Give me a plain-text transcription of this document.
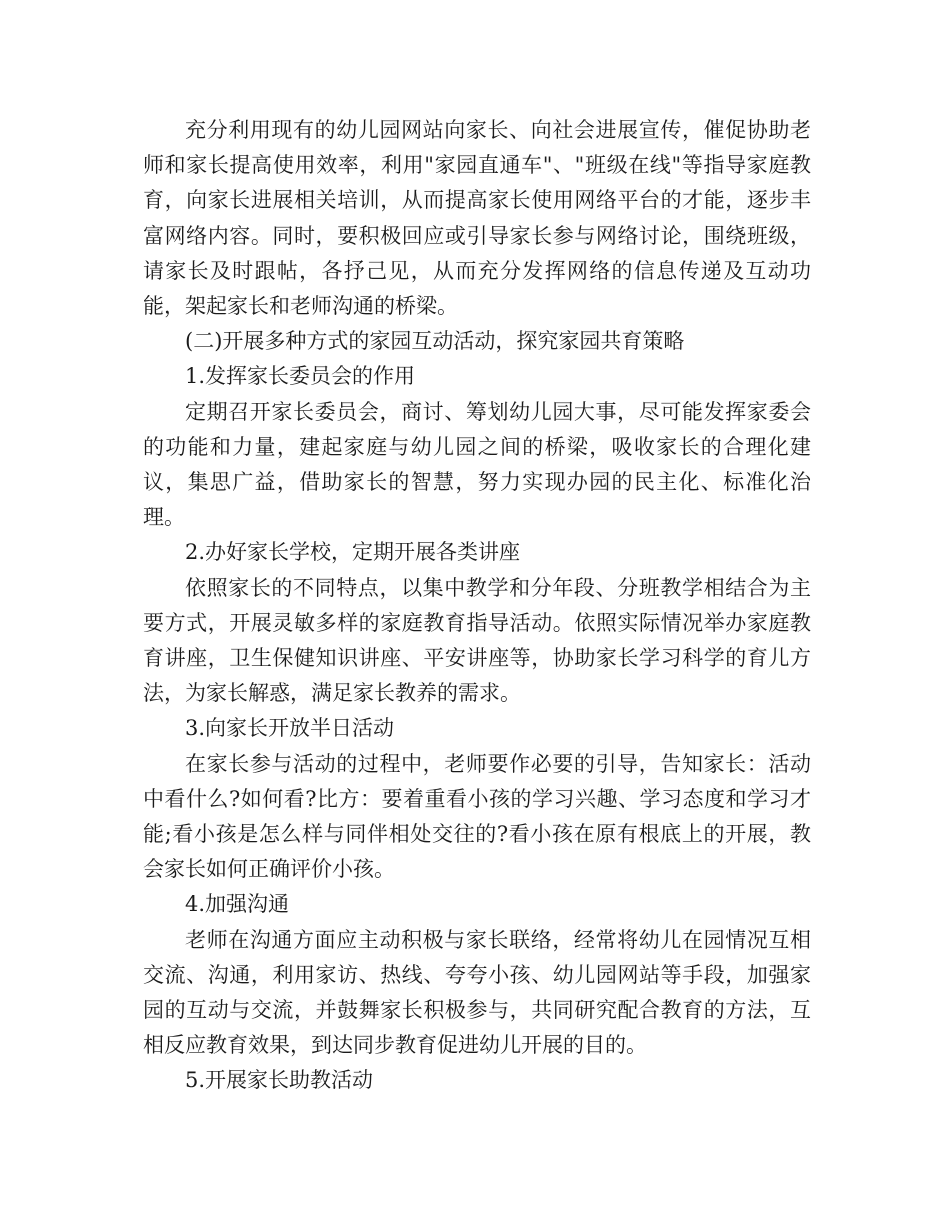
充分利用现有的幼儿园网站向家长、向社会进展宣传，催促协助老师和家长提高使用效率，利用"家园直通车"、"班级在线"等指导家庭教育，向家长进展相关培训，从而提高家长使用网络平台的才能，逐步丰富网络内容。同时，要积极回应或引导家长参与网络讨论，围绕班级，请家长及时跟帖，各抒己见，从而充分发挥网络的信息传递及互动功能，架起家长和老师沟通的桥梁。

(二)开展多种方式的家园互动活动，探究家园共育策略

1.发挥家长委员会的作用

定期召开家长委员会，商讨、筹划幼儿园大事，尽可能发挥家委会的功能和力量，建起家庭与幼儿园之间的桥梁，吸收家长的合理化建议，集思广益，借助家长的智慧，努力实现办园的民主化、标准化治理。

2.办好家长学校，定期开展各类讲座

依照家长的不同特点，以集中教学和分年段、分班教学相结合为主要方式，开展灵敏多样的家庭教育指导活动。依照实际情况举办家庭教育讲座，卫生保健知识讲座、平安讲座等，协助家长学习科学的育儿方法，为家长解惑，满足家长教养的需求。

3.向家长开放半日活动

在家长参与活动的过程中，老师要作必要的引导，告知家长：活动中看什么?如何看?比方：要着重看小孩的学习兴趣、学习态度和学习才能;看小孩是怎么样与同伴相处交往的?看小孩在原有根底上的开展，教会家长如何正确评价小孩。

4.加强沟通

老师在沟通方面应主动积极与家长联络，经常将幼儿在园情况互相交流、沟通，利用家访、热线、夸夸小孩、幼儿园网站等手段，加强家园的互动与交流，并鼓舞家长积极参与，共同研究配合教育的方法，互相反应教育效果，到达同步教育促进幼儿开展的目的。

5.开展家长助教活动
